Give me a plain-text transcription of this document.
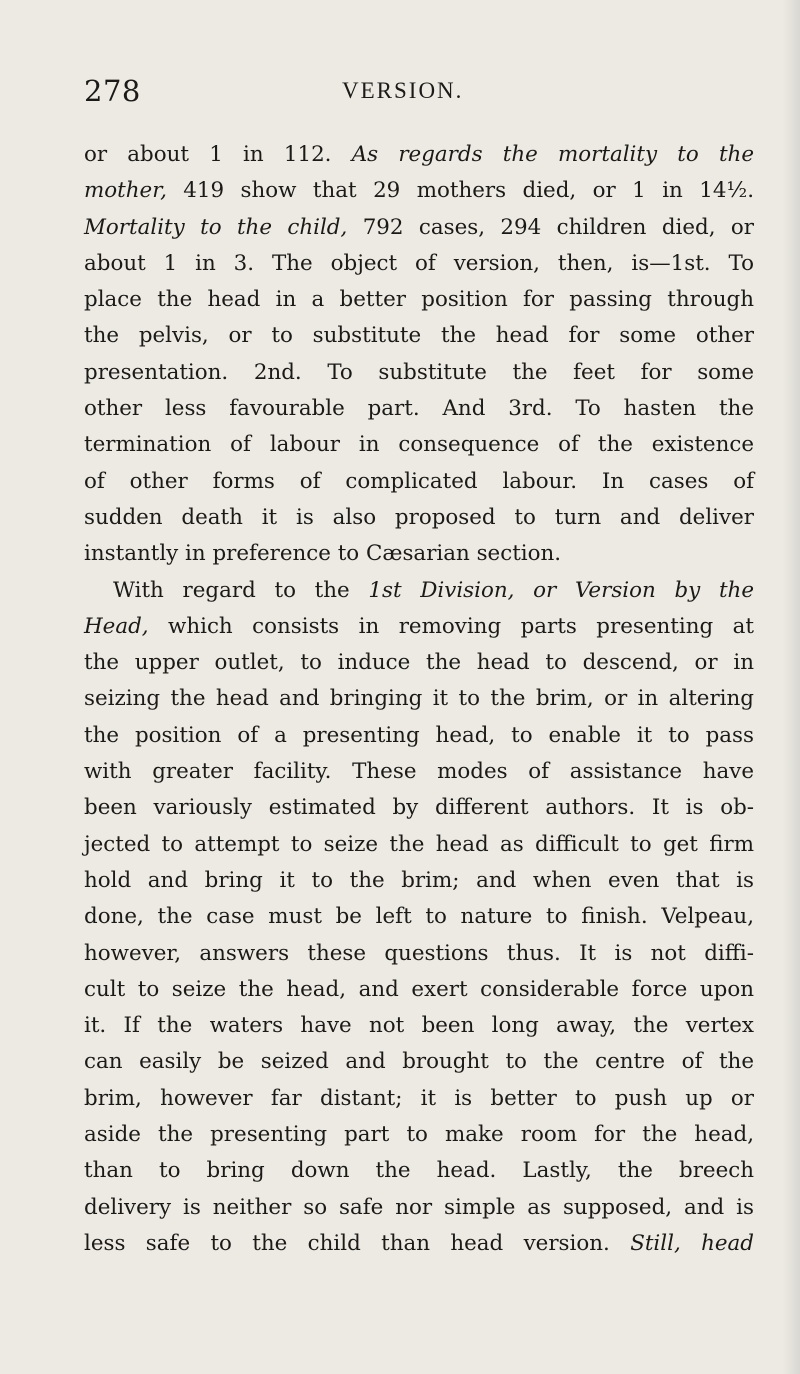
278	VERSION.
or about 1 in 112. As regards the mortality to the
mother, 419 show that 29 mothers died, or 1 in 14½.
Mortality to the child, 792 cases, 294 children died, or
about 1 in 3. The object of version, then, is—1st. To
place the head in a better position for passing through
the pelvis, or to substitute the head for some other
presentation. 2nd. To substitute the feet for some
other less favourable part. And 3rd. To hasten the
termination of labour in consequence of the existence
of other forms of complicated labour. In cases of
sudden death it is also proposed to turn and deliver
instantly in preference to Cæsarian section.
With regard to the 1st Division, or Version by the
Head, which consists in removing parts presenting at
the upper outlet, to induce the head to descend, or in
seizing the head and bringing it to the brim, or in altering
the position of a presenting head, to enable it to pass
with greater facility. These modes of assistance have
been variously estimated by different authors. It is ob-
jected to attempt to seize the head as difficult to get firm
hold and bring it to the brim; and when even that is
done, the case must be left to nature to finish. Velpeau,
however, answers these questions thus. It is not diffi-
cult to seize the head, and exert considerable force upon
it. If the waters have not been long away, the vertex
can easily be seized and brought to the centre of the
brim, however far distant; it is better to push up or
aside the presenting part to make room for the head,
than to bring down the head. Lastly, the breech
delivery is neither so safe nor simple as supposed, and is
less safe to the child than head version. Still, head
